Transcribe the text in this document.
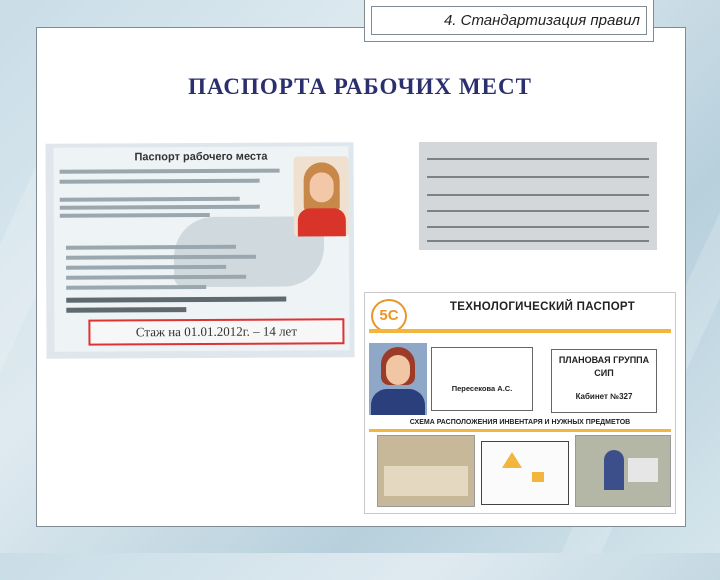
4. Стандартизация правил
ПАСПОРТА РАБОЧИХ МЕСТ
Паспорт рабочего места
Стаж на 01.01.2012г. – 14 лет
5С	ТЕХНОЛОГИЧЕСКИЙ ПАСПОРТ
Пересекова А.С.
ПЛАНОВАЯ ГРУППА
СИП
Кабинет №327
СХЕМА РАСПОЛОЖЕНИЯ ИНВЕНТАРЯ И НУЖНЫХ ПРЕДМЕТОВ
